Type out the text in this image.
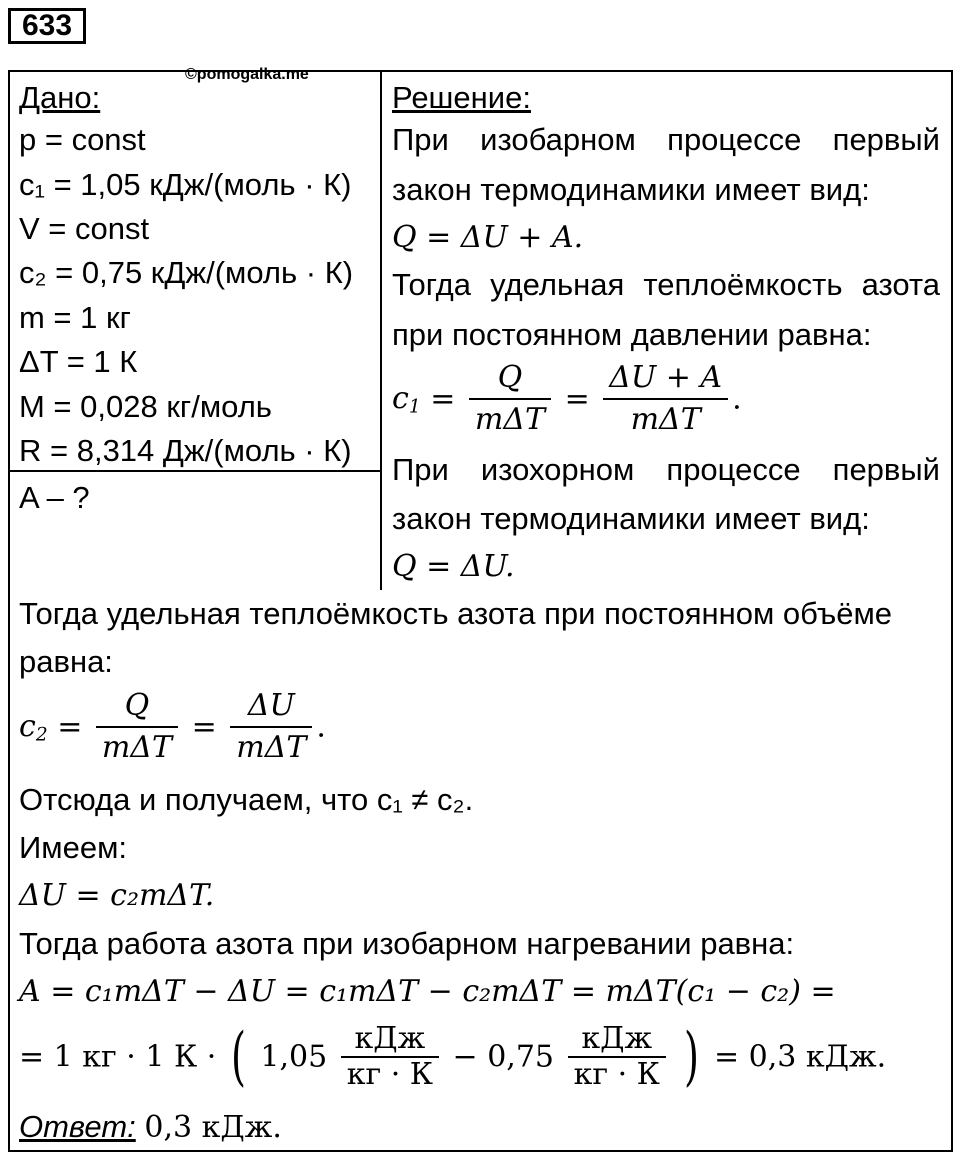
633
©pomogalka.me
Дано:
p = const
c₁ = 1,05 кДж/(моль · К)
V = const
c₂ = 0,75 кДж/(моль · К)
m = 1 кг
ΔT = 1 К
M = 0,028 кг/моль
R = 8,314 Дж/(моль · К)
A – ?
Решение:
При изобарном процессе первый
закон термодинамики имеет вид:
Q = ΔU + A.
Тогда удельная теплоёмкость азота
при постоянном давлении равна:
$c_1 = \frac{Q}{\text{mΔT}} = \frac{\Delta U + A}{\text{mΔT}}$ .
При изохорном процессе первый
закон термодинамики имеет вид:
Q = ΔU.
Тогда удельная теплоёмкость азота при постоянном объёме
равна:
$c_2 = \frac{Q}{\text{mΔT}} = \frac{\Delta U}{\text{mΔT}}$ .
Отсюда и получаем, что c₁ ≠ c₂.
Имеем:
ΔU = c₂mΔT.
Тогда работа азота при изобарном нагревании равна:
A = c₁mΔT − ΔU = c₁mΔT − c₂mΔT = mΔT(c₁ − c₂) =
= 1 кг · 1 К · ( $1,05 \frac{\text{кДж}}{кг \cdot К} - 0,75 \frac{\text{кДж}}{кг \cdot К}$ ) = 0,3 кДж.
Ответ: 0,3 кДж.
